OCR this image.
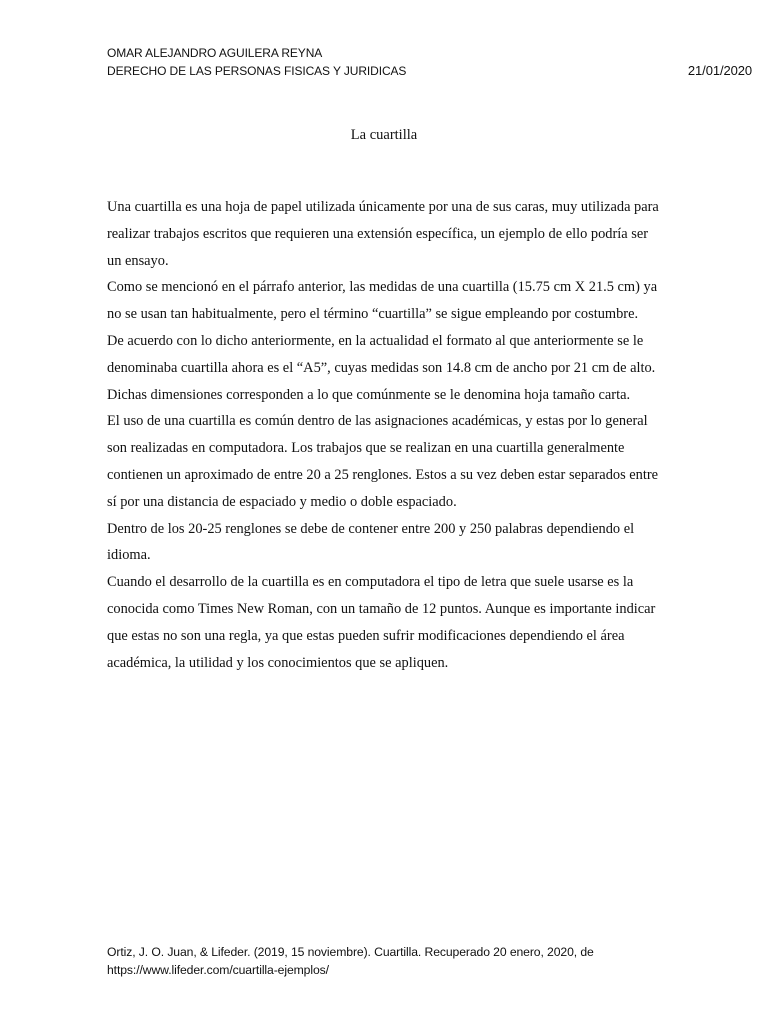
OMAR ALEJANDRO AGUILERA REYNA
DERECHO DE LAS PERSONAS FISICAS Y JURIDICAS	21/01/2020
La cuartilla

Una cuartilla es una hoja de papel utilizada únicamente por una de sus caras, muy utilizada para realizar trabajos escritos que requieren una extensión específica, un ejemplo de ello podría ser un ensayo.

Como se mencionó en el párrafo anterior, las medidas de una cuartilla (15.75 cm X 21.5 cm) ya no se usan tan habitualmente, pero el término “cuartilla” se sigue empleando por costumbre.

De acuerdo con lo dicho anteriormente, en la actualidad el formato al que anteriormente se le denominaba cuartilla ahora es el “A5”, cuyas medidas son 14.8 cm de ancho por 21 cm de alto. Dichas dimensiones corresponden a lo que comúnmente se le denomina hoja tamaño carta.

El uso de una cuartilla es común dentro de las asignaciones académicas, y estas por lo general son realizadas en computadora. Los trabajos que se realizan en una cuartilla generalmente contienen un aproximado de entre 20 a 25 renglones. Estos a su vez deben estar separados entre sí por una distancia de espaciado y medio o doble espaciado.

Dentro de los 20-25 renglones se debe de contener entre 200 y 250 palabras dependiendo el idioma.

Cuando el desarrollo de la cuartilla es en computadora el tipo de letra que suele usarse es la conocida como Times New Roman, con un tamaño de 12 puntos. Aunque es importante indicar que estas no son una regla, ya que estas pueden sufrir modificaciones dependiendo el área académica, la utilidad y los conocimientos que se apliquen.

Ortiz, J. O. Juan, & Lifeder. (2019, 15 noviembre). Cuartilla. Recuperado 20 enero, 2020, de https://www.lifeder.com/cuartilla-ejemplos/
